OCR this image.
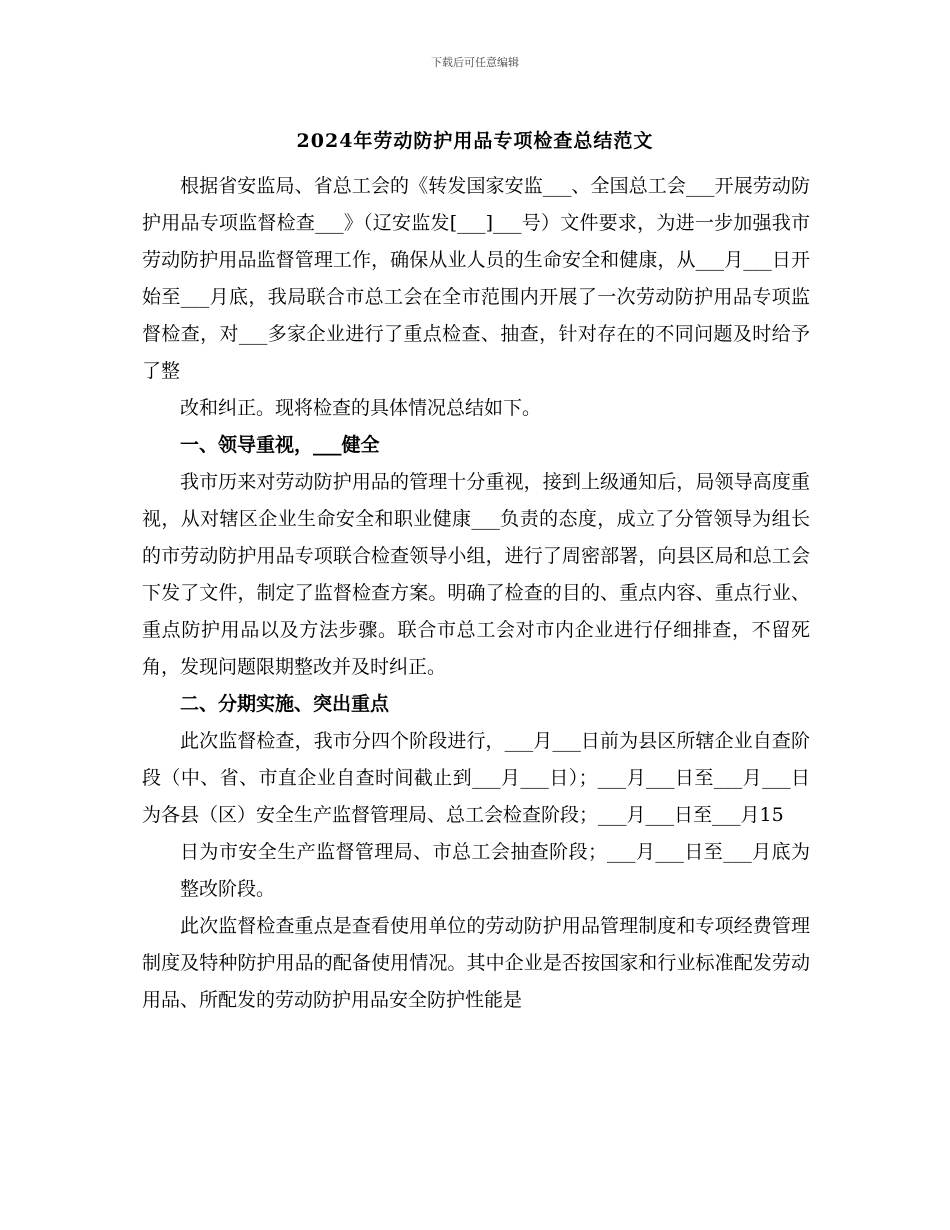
下载后可任意编辑
2024年劳动防护用品专项检查总结范文

根据省安监局、省总工会的《转发国家安监___、全国总工会___开展劳动防护用品专项监督检查___》（辽安监发[___]___号）文件要求，为进一步加强我市劳动防护用品监督管理工作，确保从业人员的生命安全和健康，从___月___日开始至___月底，我局联合市总工会在全市范围内开展了一次劳动防护用品专项监督检查，对___多家企业进行了重点检查、抽查，针对存在的不同问题及时给予了整

改和纠正。现将检查的具体情况总结如下。

一、领导重视，___健全

我市历来对劳动防护用品的管理十分重视，接到上级通知后，局领导高度重视，从对辖区企业生命安全和职业健康___负责的态度，成立了分管领导为组长的市劳动防护用品专项联合检查领导小组，进行了周密部署，向县区局和总工会下发了文件，制定了监督检查方案。明确了检查的目的、重点内容、重点行业、重点防护用品以及方法步骤。联合市总工会对市内企业进行仔细排查，不留死角，发现问题限期整改并及时纠正。

二、分期实施、突出重点

此次监督检查，我市分四个阶段进行，___月___日前为县区所辖企业自查阶段（中、省、市直企业自查时间截止到___月___日）；___月___日至___月___日为各县（区）安全生产监督管理局、总工会检查阶段；___月___日至___月15

日为市安全生产监督管理局、市总工会抽查阶段；___月___日至___月底为整改阶段。

此次监督检查重点是查看使用单位的劳动防护用品管理制度和专项经费管理制度及特种防护用品的配备使用情况。其中企业是否按国家和行业标准配发劳动用品、所配发的劳动防护用品安全防护性能是
